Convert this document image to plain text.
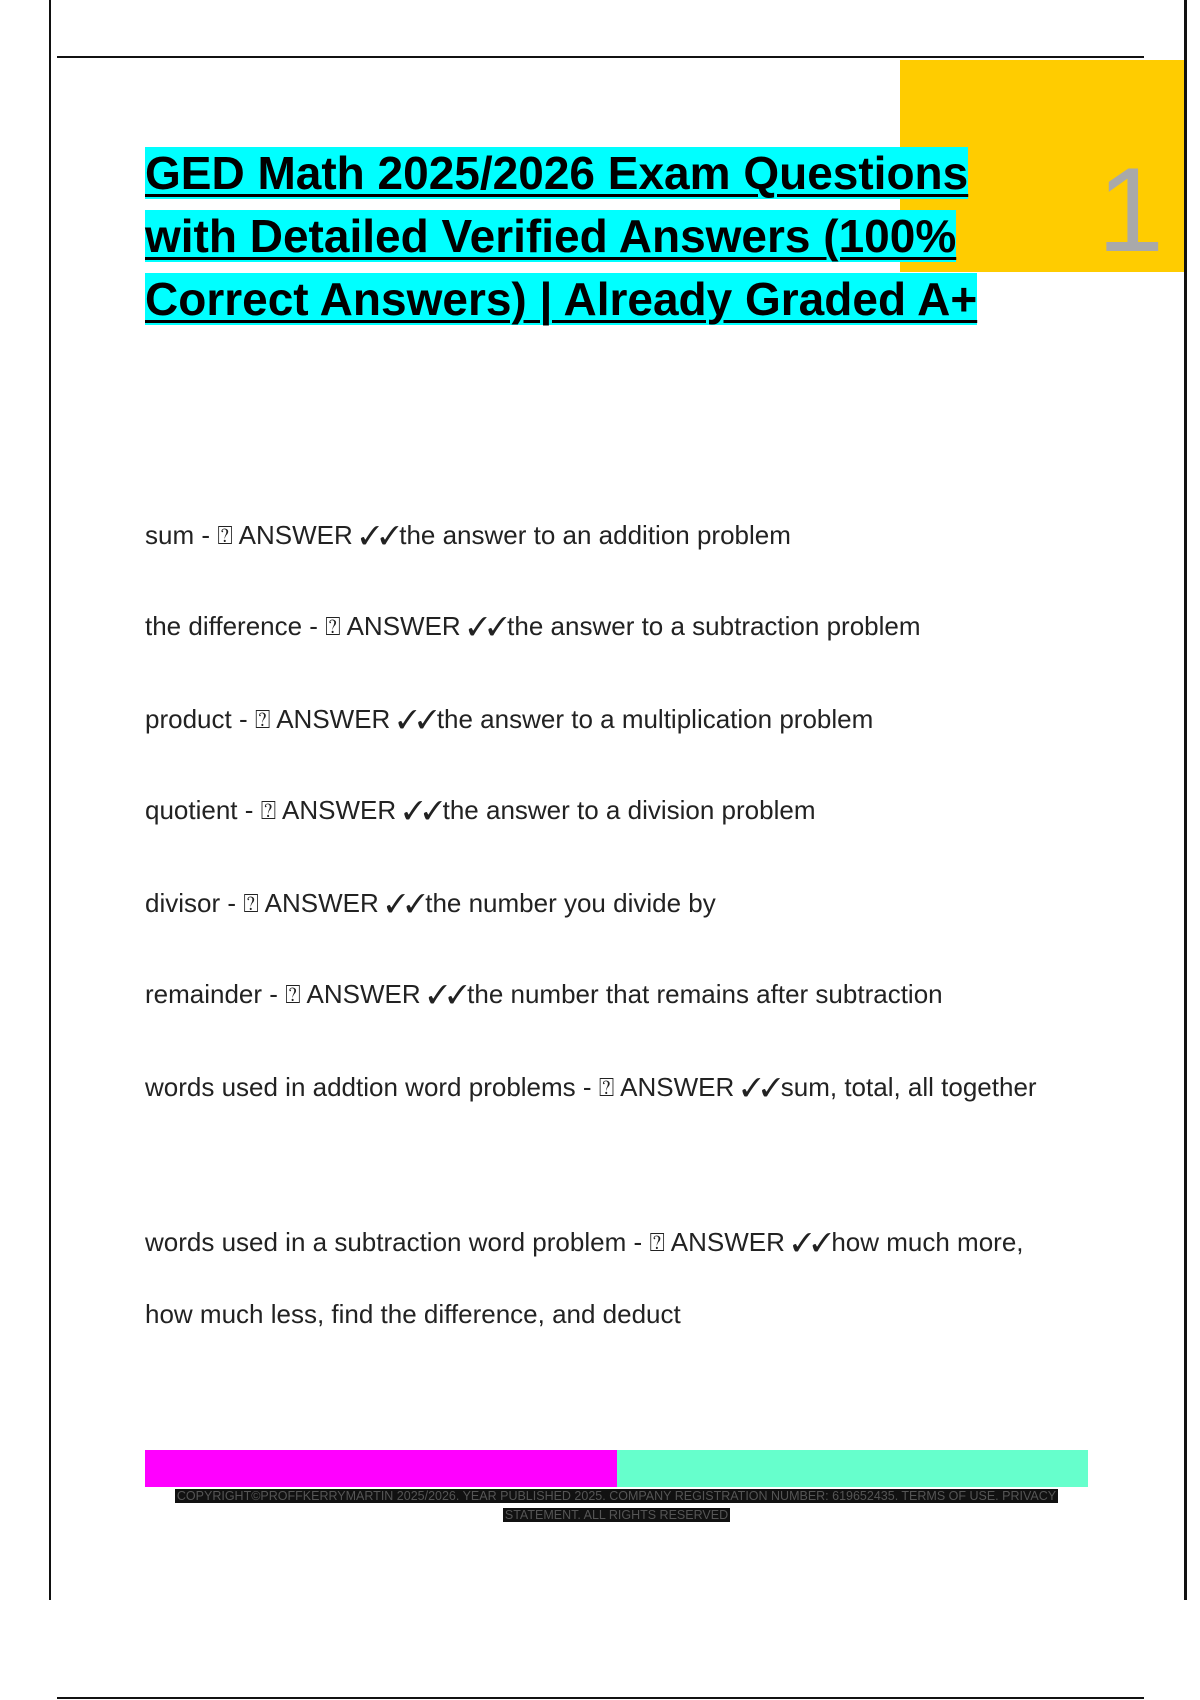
1
GED Math 2025/2026 Exam Questions with Detailed Verified Answers (100% Correct Answers) | Already Graded A+

sum - ⍰ ANSWER ✓✓the answer to an addition problem

the difference - ⍰ ANSWER ✓✓the answer to a subtraction problem

product - ⍰ ANSWER ✓✓the answer to a multiplication problem

quotient - ⍰ ANSWER ✓✓the answer to a division problem

divisor - ⍰ ANSWER ✓✓the number you divide by

remainder - ⍰ ANSWER ✓✓the number that remains after subtraction

words used in addtion word problems - ⍰ ANSWER ✓✓sum, total, all together

words used in a subtraction word problem - ⍰ ANSWER ✓✓how much more, how much less, find the difference, and deduct

COPYRIGHT©PROFFKERRYMARTIN 2025/2026. YEAR PUBLISHED 2025. COMPANY REGISTRATION NUMBER: 619652435. TERMS OF USE. PRIVACY STATEMENT. ALL RIGHTS RESERVED
